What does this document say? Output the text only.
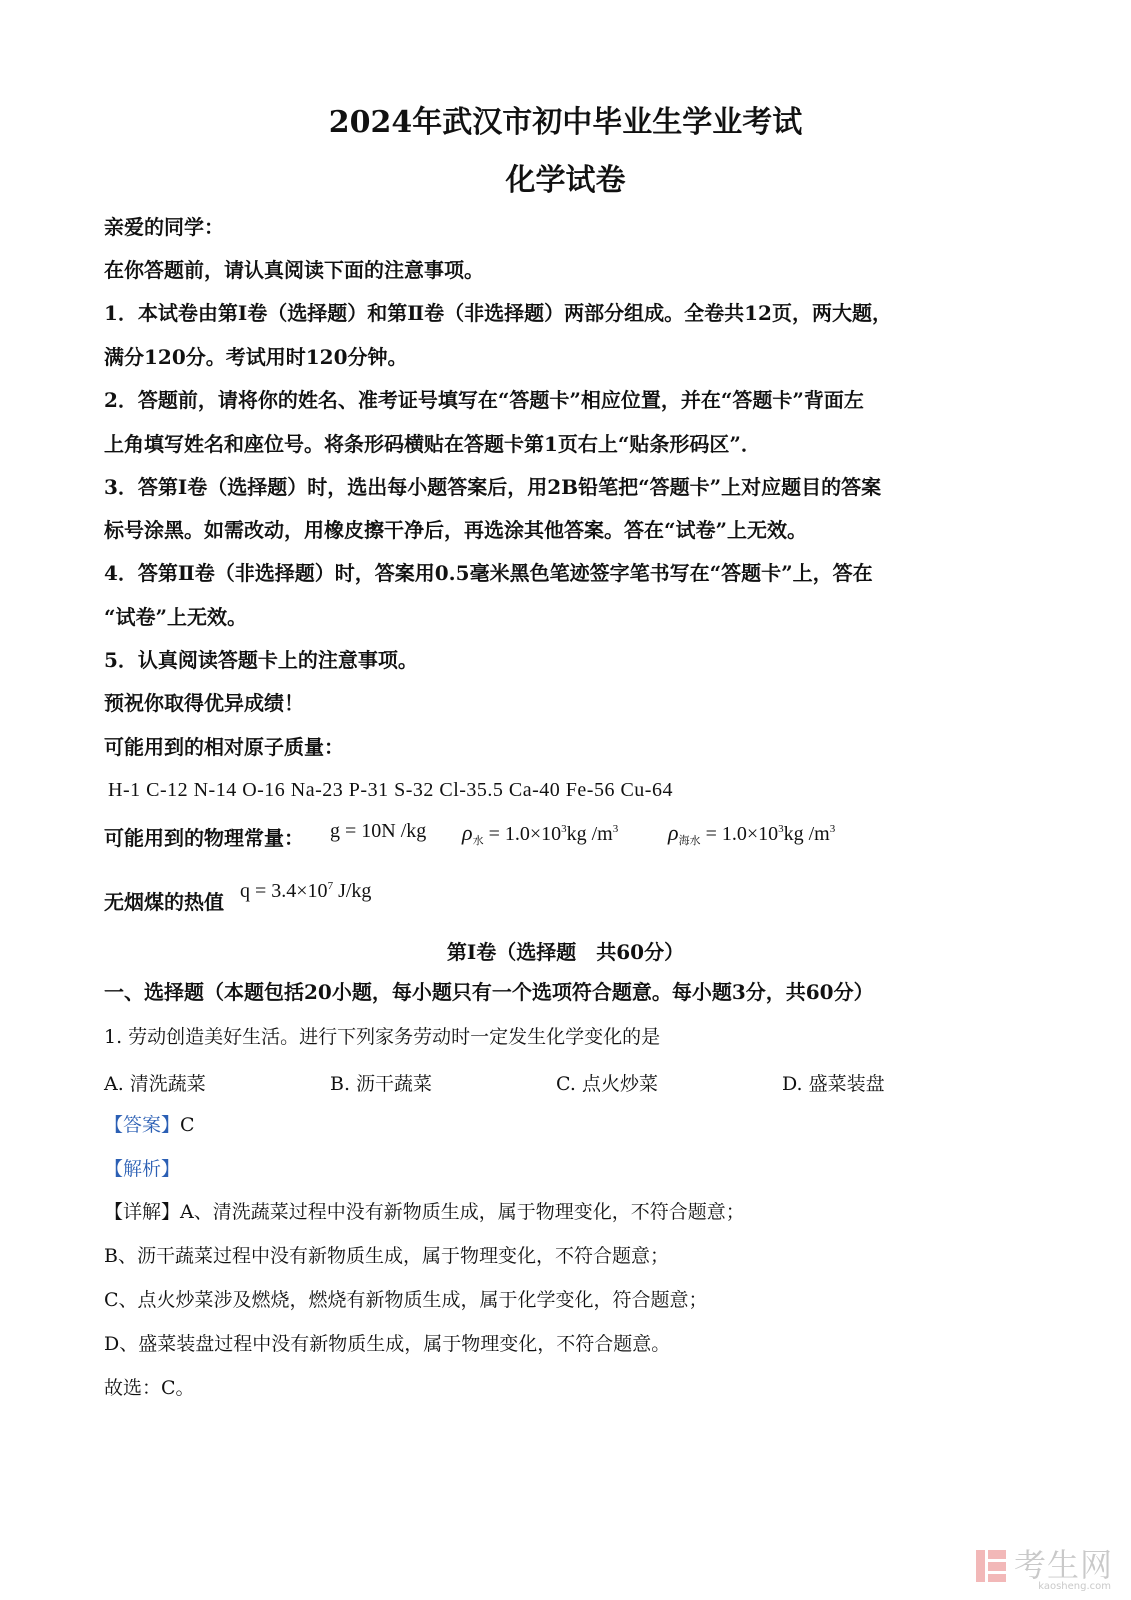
2024年武汉市初中毕业生学业考试
化学试卷
亲爱的同学：
在你答题前，请认真阅读下面的注意事项。
1．本试卷由第Ⅰ卷（选择题）和第Ⅱ卷（非选择题）两部分组成。全卷共12页，两大题，
满分120分。考试用时120分钟。
2．答题前，请将你的姓名、准考证号填写在“答题卡”相应位置，并在“答题卡”背面左
上角填写姓名和座位号。将条形码横贴在答题卡第1页右上“贴条形码区”．
3．答第Ⅰ卷（选择题）时，选出每小题答案后，用2B铅笔把“答题卡”上对应题目的答案
标号涂黑。如需改动，用橡皮擦干净后，再选涂其他答案。答在“试卷”上无效。
4．答第Ⅱ卷（非选择题）时，答案用0.5毫米黑色笔迹签字笔书写在“答题卡”上，答在
“试卷”上无效。
5．认真阅读答题卡上的注意事项。
预祝你取得优异成绩！
可能用到的相对原子质量：
H-1 C-12 N-14 O-16 Na-23 P-31 S-32 Cl-35.5 Ca-40 Fe-56 Cu-64
可能用到的物理常量： g = 10N /kg $\rho_水 = 1.0\times 10^3kg$ $/m^3$ $\rho_{海水} = 1.0\times 10^3kg$ $/m^3$
无烟煤的热值 $q = 3.4\times 10^7$ J/kg
第Ⅰ卷（选择题　共60分）
一、选择题（本题包括20小题，每小题只有一个选项符合题意。每小题3分，共60分）
1. 劳动创造美好生活。进行下列家务劳动时一定发生化学变化的是
A. 清洗蔬菜	B. 沥干蔬菜	C. 点火炒菜	D. 盛菜装盘
【答案】C
【解析】
【详解】A、清洗蔬菜过程中没有新物质生成，属于物理变化，不符合题意；
B、沥干蔬菜过程中没有新物质生成，属于物理变化，不符合题意；
C、点火炒菜涉及燃烧，燃烧有新物质生成，属于化学变化，符合题意；
D、盛菜装盘过程中没有新物质生成，属于物理变化，不符合题意。
故选：C。
考生网
kaosheng.com
